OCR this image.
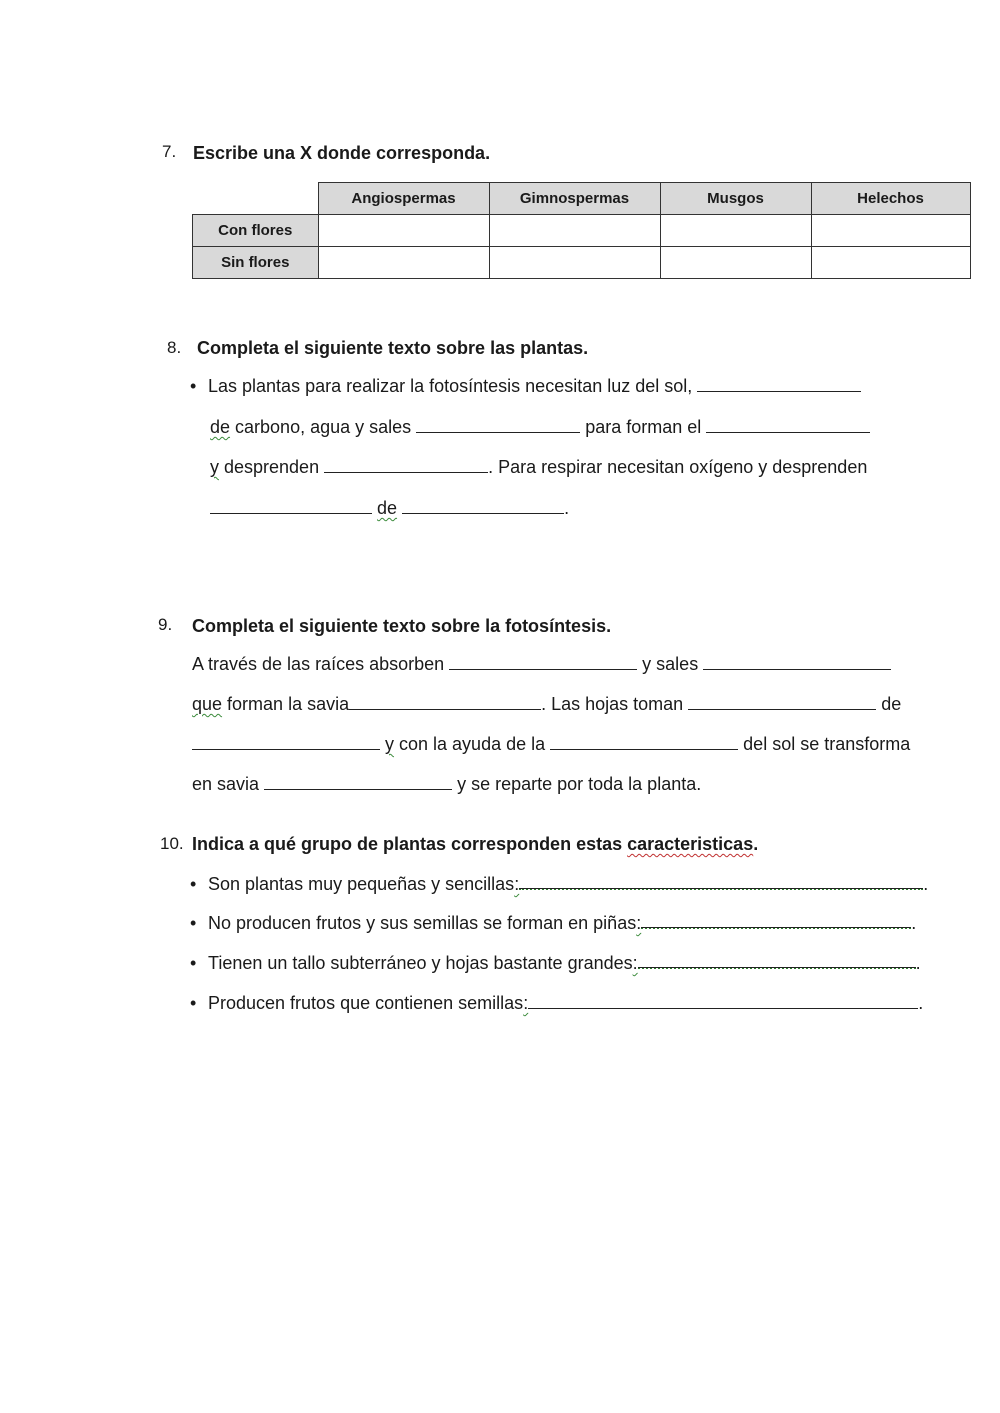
7. Escribe una X donde corresponda.
	Angiospermas	Gimnospermas	Musgos	Helechos
Con flores				
Sin flores				
8. Completa el siguiente texto sobre las plantas.
• Las plantas para realizar la fotosíntesis necesitan luz del sol,
de carbono, agua y sales	para forman el
y desprenden	. Para respirar necesitan oxígeno y desprenden
de	.
9. Completa el siguiente texto sobre la fotosíntesis.
A través de las raíces absorben	y sales
que forman la savia	. Las hojas toman	de
y con la ayuda de la	del sol se transforma
en savia	y se reparte por toda la planta.
10. Indica a qué grupo de plantas corresponden estas caracteristicas.
• Son plantas muy pequeñas y sencillas:	.
• No producen frutos y sus semillas se forman en piñas:	.
• Tienen un tallo subterráneo y hojas bastante grandes:	.
• Producen frutos que contienen semillas:	.
